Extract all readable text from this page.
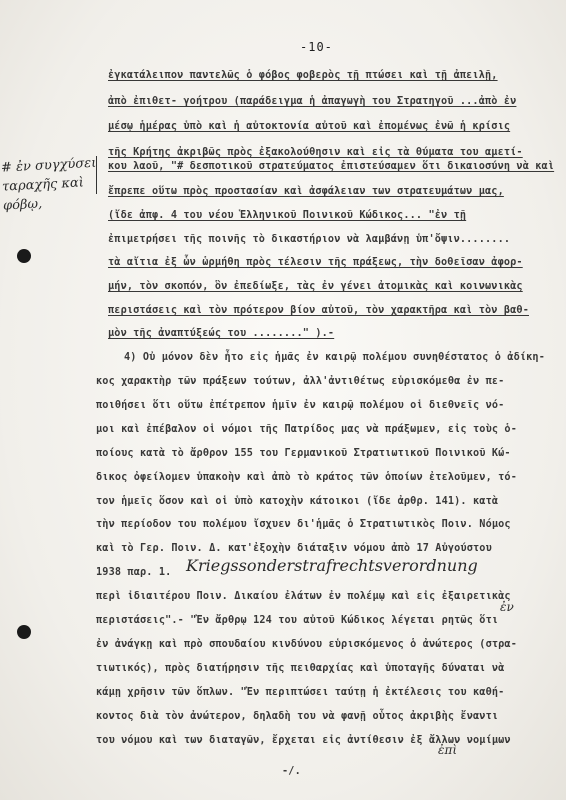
-10-
# ἐν συγχύσει
ταραχῆς καὶ
φόβῳ,
ἐγκατάλειπον παντελῶς ὁ φόβος φοβερὸς τῇ πτώσει καὶ τῇ ἀπειλῇ,
ἀπὸ ἐπιθετ- γοήτρου (παράδειγμα ἡ ἀπαγωγὴ του Στρατηγοῦ ...ἀπὸ ἐν
μέσῳ ἡμέρας ὑπὸ καὶ ἡ αὐτοκτονία αὐτοῦ καὶ ἐπομένως ἐνῶ ἡ κρίσις
τῆς Κρήτης ἀκριβῶς πρὸς ἐξακολούθησιν καὶ εἰς τὰ θύματα του αμετί-
κου λαοῦ, "# δεσποτικοῦ στρατεύματος ἐπιστεύσαμεν ὅτι δικαιοσύνη νὰ καὶ
ἔπρεπε οὕτω πρὸς προστασίαν καὶ ἀσφάλειαν των στρατευμάτων μας,
(ἴδε ἀπφ. 4 του νέου Ἑλληνικοῦ Ποινικοῦ Κώδικος... "ἐν τῇ
ἐπιμετρήσει τῆς ποινῆς τὸ δικαστήριον νὰ λαμβάνῃ ὑπ'ὄψιν........
τὰ αἴτια ἐξ ὧν ὡρμήθη πρὸς τέλεσιν τῆς πράξεως, τὴν δοθεῖσαν ἀφορ-
μήν, τὸν σκοπόν, ὃν ἐπεδίωξε, τὰς ἐν γένει ἀτομικὰς καὶ κοινωνικὰς
περιστάσεις καὶ τὸν πρότερον βίον αὐτοῦ, τὸν χαρακτῆρα καὶ τὸν βαθ-
μὸν τῆς ἀναπτύξεώς του ........" ).-
4) Οὐ μόνον δὲν ἦτο εἰς ἡμᾶς ἐν καιρῷ πολέμου συνηθέστατος ὁ ἀδίκη-
κος χαρακτὴρ τῶν πράξεων τούτων, ἀλλ'ἀντιθέτως εὑρισκόμεθα ἐν πε-
ποιθήσει ὅτι οὕτω ἐπέτρεπον ἡμῖν ἐν καιρῷ πολέμου οἱ διεθνεῖς νό-
μοι καὶ ἐπέβαλον οἱ νόμοι τῆς Πατρίδος μας νὰ πράξωμεν, εἰς τοὺς ὁ-
ποίους κατὰ τὸ ἄρθρον 155 του Γερμανικοῦ Στρατιωτικοῦ Ποινικοῦ Κώ-
δικος ὀφείλομεν ὑπακοὴν καὶ ἀπὸ τὸ κράτος τῶν ὁποίων ἐτελοῦμεν, τό-
τον ἡμεῖς ὅσον καὶ οἱ ὑπὸ κατοχὴν κάτοικοι (ἴδε ἀρθρ. 141). κατὰ
τὴν περίοδον του πολέμου ἴσχυεν δι'ἡμᾶς ὁ Στρατιωτικὸς Ποιν. Νόμος
καὶ τὸ Γερ. Ποιν. Δ. κατ'ἐξοχὴν διάταξιν νόμου ἀπὸ 17 Αὐγούστου
1938 παρ. 1. Kriegssonderstrafrechtsverordnung
ἐν
ἐπὶ
περὶ ἰδιαιτέρου Ποιν. Δικαίου ἐλάτων ἐν πολέμῳ καὶ εἰς ἐξαιρετικὰς
περιστάσεις".- "Ἐν ἄρθρῳ 124 του αὐτοῦ Κώδικος λέγεται ρητῶς ὅτι
ἐν ἀνάγκῃ καὶ πρὸ σπουδαίου κινδύνου εὑρισκόμενος ὁ ἀνώτερος (στρα-
τιωτικός), πρὸς διατήρησιν τῆς πειθαρχίας καὶ ὑποταγῆς δύναται νὰ
κάμῃ χρῆσιν τῶν ὅπλων. "Ἐν περιπτώσει ταύτῃ ἡ ἐκτέλεσις του καθή-
κοντος διὰ τὸν ἀνώτερον, δηλαδὴ του νὰ φανῇ οὗτος ἀκριβὴς ἔναντι
του νόμου καὶ των διαταγῶν, ἔρχεται εἰς ἀντίθεσιν ἐξ ἄλλων νομίμων
-/.
